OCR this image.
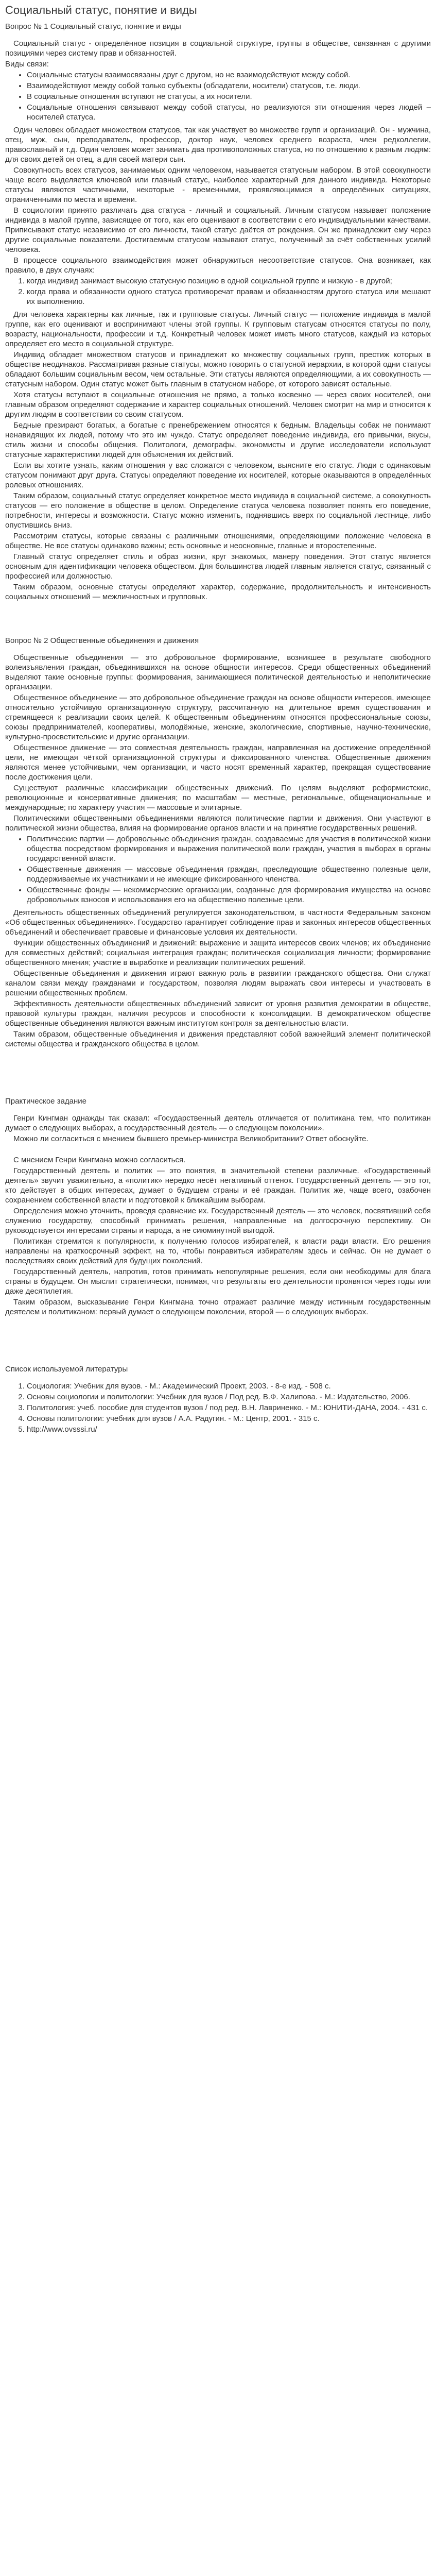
Социальный статус, понятие и виды
Вопрос № 1 Социальный статус, понятие и виды

Социальный статус - определённое позиция в социальной структуре, группы в обществе, связанная с другими позициями через систему прав и обязанностей.

Виды связи:

• Социальные статусы взаимосвязаны друг с другом, но не взаимодействуют между собой.
• Взаимодействуют между собой только субъекты (обладатели, носители) статусов, т.е. люди.
• В социальные отношения вступают не статусы, а их носители.
• Социальные отношения связывают между собой статусы, но реализуются эти отношения через людей – носителей статуса.

Один человек обладает множеством статусов, так как участвует во множестве групп и организаций. Он - мужчина, отец, муж, сын, преподаватель, профессор, доктор наук, человек среднего возраста, член редколлегии, православный и т.д. Один человек может занимать два противоположных статуса, но по отношению к разным людям: для своих детей он отец, а для своей матери сын.

Совокупность всех статусов, занимаемых одним человеком, называется статусным набором. В этой совокупности чаще всего выделяется ключевой или главный статус, наиболее характерный для данного индивида. Некоторые статусы являются частичными, некоторые - временными, проявляющимися в определённых ситуациях, ограниченными по места и времени.

В социологии принято различать два статуса - личный и социальный. Личным статусом называет положение индивида в малой группе, зависящее от того, как его оценивают в соответствии с его индивидуальными качествами. Приписывают статус независимо от его личности, такой статус даётся от рождения. Он же принадлежит ему через другие социальные показатели. Достигаемым статусом называют статус, полученный за счёт собственных усилий человека.

В процессе социального взаимодействия может обнаружиться несоответствие статусов. Она возникает, как правило, в двух случаях:

1. когда индивид занимает высокую статусную позицию в одной социальной группе и низкую - в другой;
2. когда права и обязанности одного статуса противоречат правам и обязанностям другого статуса или мешают их выполнению.

Для человека характерны как личные, так и групповые статусы. Личный статус — положение индивида в малой группе, как его оценивают и воспринимают члены этой группы. К групповым статусам относятся статусы по полу, возрасту, национальности, профессии и т.д. Конкретный человек может иметь много статусов, каждый из которых определяет его место в социальной структуре.

Индивид обладает множеством статусов и принадлежит ко множеству социальных групп, престиж которых в обществе неодинаков. Рассматривая разные статусы, можно говорить о статусной иерархии, в которой одни статусы обладают большим социальным весом, чем остальные. Эти статусы являются определяющими, а их совокупность — статусным набором. Один статус может быть главным в статусном наборе, от которого зависят остальные.

Хотя статусы вступают в социальные отношения не прямо, а только косвенно — через своих носителей, они главным образом определяют содержание и характер социальных отношений. Человек смотрит на мир и относится к другим людям в соответствии со своим статусом.

Бедные презирают богатых, а богатые с пренебрежением относятся к бедным. Владельцы собак не понимают ненавидящих их людей, потому что это им чуждо. Статус определяет поведение индивида, его привычки, вкусы, стиль жизни и способы общения. Политологи, демографы, экономисты и другие исследователи используют статусные характеристики людей для объяснения их действий.

Если вы хотите узнать, каким отношения у вас сложатся с человеком, выясните его статус. Люди с одинаковым статусом понимают друг друга. Статусы определяют поведение их носителей, которые оказываются в определённых ролевых отношениях.

Таким образом, социальный статус определяет конкретное место индивида в социальной системе, а совокупность статусов — его положение в обществе в целом. Определение статуса человека позволяет понять его поведение, потребности, интересы и возможности. Статус можно изменить, поднявшись вверх по социальной лестнице, либо опустившись вниз.

Рассмотрим статусы, которые связаны с различными отношениями, определяющими положение человека в обществе. Не все статусы одинаково важны; есть основные и неосновные, главные и второстепенные.

Главный статус определяет стиль и образ жизни, круг знакомых, манеру поведения. Этот статус является основным для идентификации человека обществом. Для большинства людей главным является статус, связанный с профессией или должностью.

Таким образом, основные статусы определяют характер, содержание, продолжительность и интенсивность социальных отношений — межличностных и групповых.

Вопрос № 2 Общественные объединения и движения

Общественные объединения — это добровольное формирование, возникшее в результате свободного волеизъявления граждан, объединившихся на основе общности интересов. Среди общественных объединений выделяют такие основные группы: формирования, занимающиеся политической деятельностью и неполитические организации.

Общественное объединение — это добровольное объединение граждан на основе общности интересов, имеющее относительно устойчивую организационную структуру, рассчитанную на длительное время существования и стремящееся к реализации своих целей. К общественным объединениям относятся профессиональные союзы, союзы предпринимателей, кооперативы, молодёжные, женские, экологические, спортивные, научно-технические, культурно-просветительские и другие организации.

Общественное движение — это совместная деятельность граждан, направленная на достижение определённой цели, не имеющая чёткой организационной структуры и фиксированного членства. Общественные движения являются менее устойчивыми, чем организации, и часто носят временный характер, прекращая существование после достижения цели.

Существуют различные классификации общественных движений. По целям выделяют реформистские, революционные и консервативные движения; по масштабам — местные, региональные, общенациональные и международные; по характеру участия — массовые и элитарные.

Политическими общественными объединениями являются политические партии и движения. Они участвуют в политической жизни общества, влияя на формирование органов власти и на принятие государственных решений.

• Политические партии — добровольные объединения граждан, создаваемые для участия в политической жизни общества посредством формирования и выражения политической воли граждан, участия в выборах в органы государственной власти.
• Общественные движения — массовые объединения граждан, преследующие общественно полезные цели, поддерживаемые их участниками и не имеющие фиксированного членства.
• Общественные фонды — некоммерческие организации, созданные для формирования имущества на основе добровольных взносов и использования его на общественно полезные цели.

Деятельность общественных объединений регулируется законодательством, в частности Федеральным законом «Об общественных объединениях». Государство гарантирует соблюдение прав и законных интересов общественных объединений и обеспечивает правовые и финансовые условия их деятельности.

Функции общественных объединений и движений: выражение и защита интересов своих членов; их объединение для совместных действий; социальная интеграция граждан; политическая социализация личности; формирование общественного мнения; участие в выработке и реализации политических решений.

Общественные объединения и движения играют важную роль в развитии гражданского общества. Они служат каналом связи между гражданами и государством, позволяя людям выражать свои интересы и участвовать в решении общественных проблем.

Эффективность деятельности общественных объединений зависит от уровня развития демократии в обществе, правовой культуры граждан, наличия ресурсов и способности к консолидации. В демократическом обществе общественные объединения являются важным институтом контроля за деятельностью власти.

Таким образом, общественные объединения и движения представляют собой важнейший элемент политической системы общества и гражданского общества в целом.

Практическое задание

Генри Кингман однажды так сказал: «Государственный деятель отличается от политикана тем, что политикан думает о следующих выборах, а государственный деятель — о следующем поколении».

Можно ли согласиться с мнением бывшего премьер-министра Великобритании? Ответ обоснуйте.

С мнением Генри Кингмана можно согласиться.

Государственный деятель и политик — это понятия, в значительной степени различные. «Государственный деятель» звучит уважительно, а «политик» нередко несёт негативный оттенок. Государственный деятель — это тот, кто действует в общих интересах, думает о будущем страны и её граждан. Политик же, чаще всего, озабочен сохранением собственной власти и подготовкой к ближайшим выборам.

Определения можно уточнить, проведя сравнение их. Государственный деятель — это человек, посвятивший себя служению государству, способный принимать решения, направленные на долгосрочную перспективу. Он руководствуется интересами страны и народа, а не сиюминутной выгодой.

Политикан стремится к популярности, к получению голосов избирателей, к власти ради власти. Его решения направлены на краткосрочный эффект, на то, чтобы понравиться избирателям здесь и сейчас. Он не думает о последствиях своих действий для будущих поколений.

Государственный деятель, напротив, готов принимать непопулярные решения, если они необходимы для блага страны в будущем. Он мыслит стратегически, понимая, что результаты его деятельности проявятся через годы или даже десятилетия.

Таким образом, высказывание Генри Кингмана точно отражает различие между истинным государственным деятелем и политиканом: первый думает о следующем поколении, второй — о следующих выборах.

Список используемой литературы
1. Социология: Учебник для вузов. - М.: Академический Проект, 2003. - 8-е изд. - 508 с.
2. Основы социологии и политологии: Учебник для вузов / Под ред. В.Ф. Халипова. - М.: Издательство, 2006.
3. Политология: учеб. пособие для студентов вузов / под ред. В.Н. Лавриненко. - М.: ЮНИТИ-ДАНА, 2004. - 431 с.
4. Основы политологии: учебник для вузов / А.А. Радугин. - М.: Центр, 2001. - 315 с.
5. http://www.ovsssi.ru/
